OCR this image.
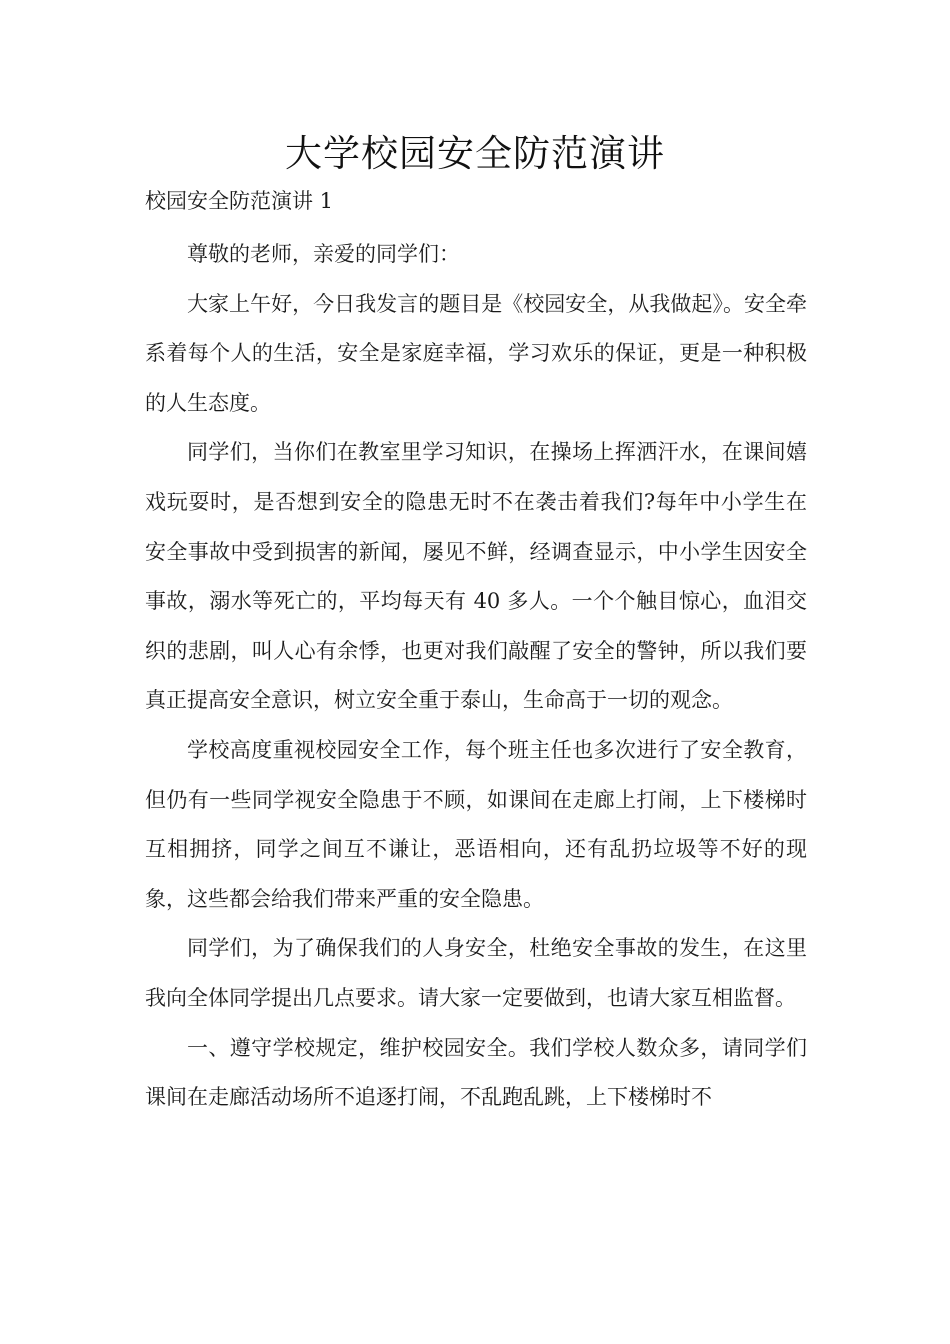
大学校园安全防范演讲
校园安全防范演讲 1

尊敬的老师，亲爱的同学们：

大家上午好，今日我发言的题目是《校园安全，从我做起》。安全牵系着每个人的生活，安全是家庭幸福，学习欢乐的保证，更是一种积极的人生态度。

同学们，当你们在教室里学习知识，在操场上挥洒汗水，在课间嬉戏玩耍时，是否想到安全的隐患无时不在袭击着我们?每年中小学生在安全事故中受到损害的新闻，屡见不鲜，经调查显示，中小学生因安全事故，溺水等死亡的，平均每天有 40 多人。一个个触目惊心，血泪交织的悲剧，叫人心有余悸，也更对我们敲醒了安全的警钟，所以我们要真正提高安全意识，树立安全重于泰山，生命高于一切的观念。

学校高度重视校园安全工作，每个班主任也多次进行了安全教育，但仍有一些同学视安全隐患于不顾，如课间在走廊上打闹，上下楼梯时互相拥挤，同学之间互不谦让，恶语相向，还有乱扔垃圾等不好的现象，这些都会给我们带来严重的安全隐患。

同学们，为了确保我们的人身安全，杜绝安全事故的发生，在这里我向全体同学提出几点要求。请大家一定要做到，也请大家互相监督。

一、遵守学校规定，维护校园安全。我们学校人数众多，请同学们课间在走廊活动场所不追逐打闹，不乱跑乱跳，上下楼梯时不
